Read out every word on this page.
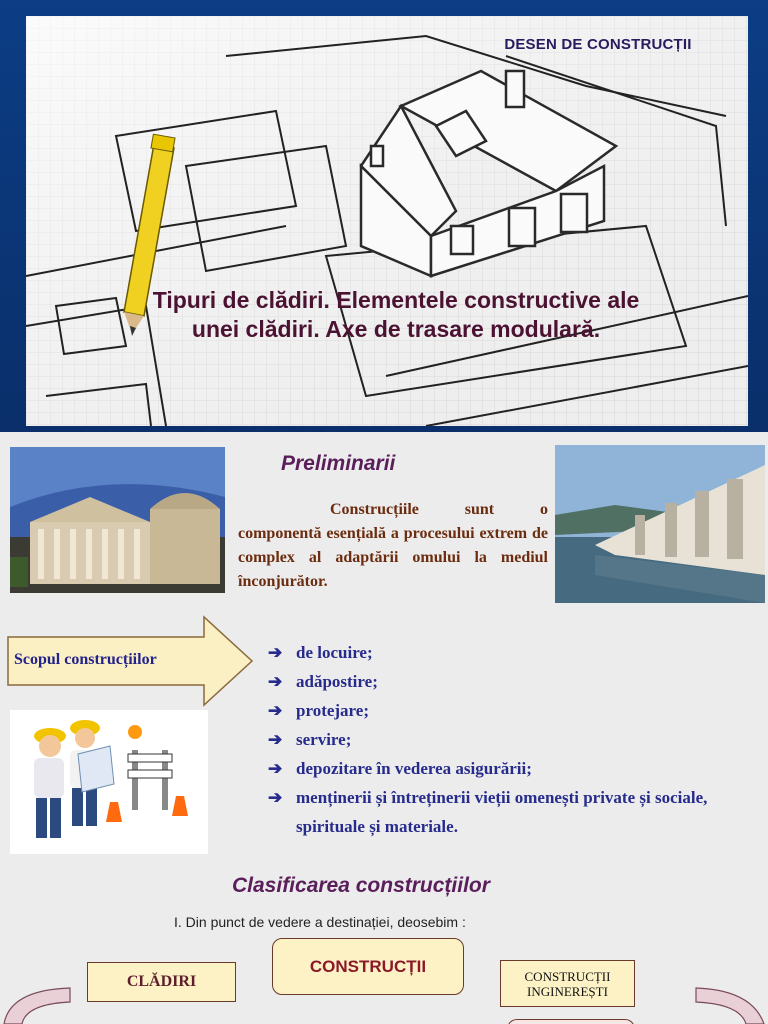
DESEN DE CONSTRUCȚII
Tipuri de clădiri. Elementele constructive ale unei clădiri. Axe de trasare modulară.
Preliminarii

Construcțiile sunt o componentă esențială a procesului extrem de complex al adaptării omului la mediul înconjurător.

Scopul construcțiilor	➔ de locuire;
➔ adăpostire;
➔ protejare;
➔ servire;
➔ depozitare în vederea asigurării;
➔ menținerii și întreținerii vieții omenești private și sociale, spirituale și materiale.
Clasificarea construcțiilor
I. Din punct de vedere a destinației, deosebim :
CLĂDIRI
CONSTRUCȚII
CONSTRUCȚII INGINEREȘTI
